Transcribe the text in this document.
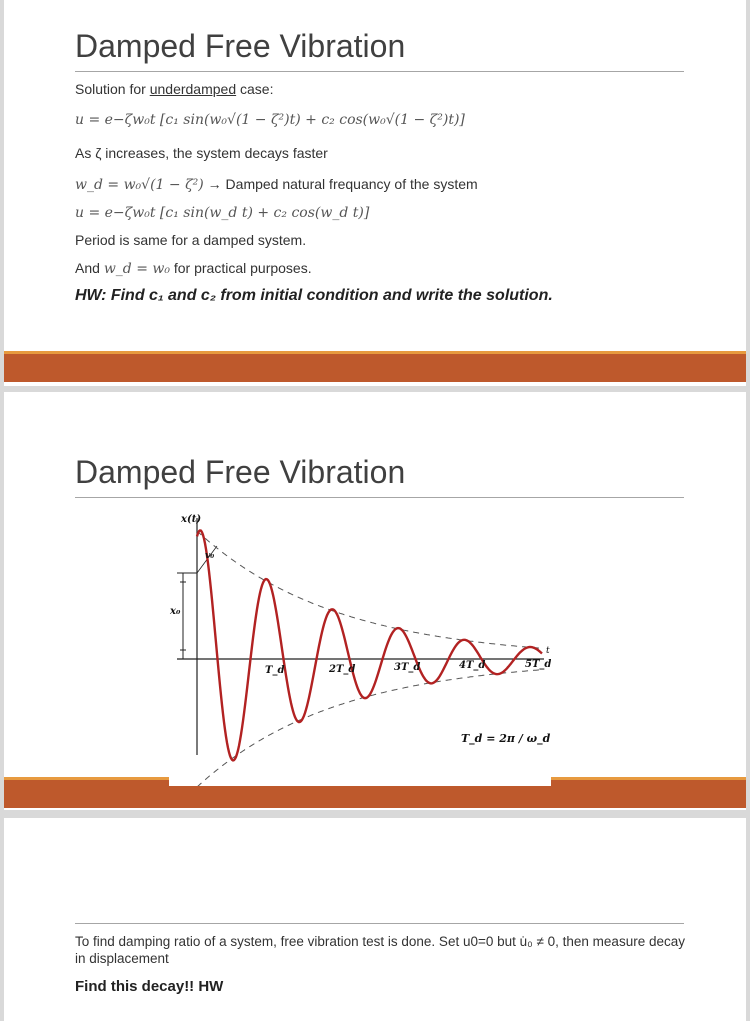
Damped Free Vibration
Solution for underdamped case:
u = e−ζw₀t [c₁ sin(w₀√(1 − ζ²)t) + c₂ cos(w₀√(1 − ζ²)t)]
As ζ increases, the system decays faster
w_d = w₀√(1 − ζ²) → Damped natural frequancy of the system
u = e−ζw₀t [c₁ sin(w_d t) + c₂ cos(w_d t)]
Period is same for a damped system.
And w_d = w₀ for practical purposes.
HW: Find c₁ and c₂ from initial condition and write the solution.
Damped Free Vibration
x(t)
v₀
x₀
t
T_d	2T_d	3T_d	4T_d	5T_d
T_d = 2π / ω_d
To find damping ratio of a system, free vibration test is done. Set u0=0 but u̇₀ ≠ 0, then measure decay in displacement
Find this decay!! HW
